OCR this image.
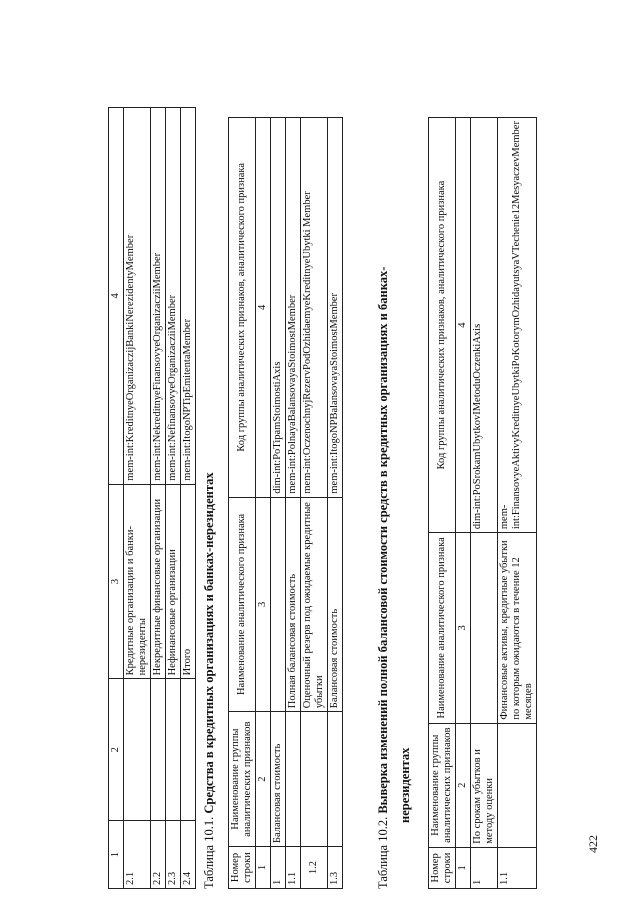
1	2	3	4
2.1		Кредитные организации и банки-нерезиденты	mem-int:KreditnyeOrganizaczijBankiNerezidentyMember
2.2		Некредитные финансовые организации	mem-int:NekreditnyeFinansovyeOrganizacziiMember
2.3		Нефинансовые организации	mem-int:NefinansovyeOrganizacziiMember
2.4		Итого	mem-int:ItogoNPTipEmitentaMember
Таблица 10.1. Средства в кредитных организациях и банках-нерезидентах
Номер строки	Наименование группы аналитических признаков	Наименование аналитического признака	Код группы аналитических признаков, аналитического признака
1	2	3	4
1	Балансовая стоимость		dim-int:PoTipamStoimostiAxis
1.1		Полная балансовая стоимость	mem-int:PolnayaBalansovayaStoimostMember
1.2		Оценочный резерв под ожидаемые кредитные убытки	mem-int:OczenochnyjRezervPodOzhidaemyeKreditnyeUbytki Member
1.3		Балансовая стоимость	mem-int:ItogoNPBalansovayaStoimostMember
Таблица 10.2. Выверка изменений полной балансовой стоимости средств в кредитных организациях и банках- нерезидентах
Номер строки	Наименование группы аналитических признаков	Наименование аналитического признака	Код группы аналитических признаков, аналитического признака
1	2	3	4
1	По срокам убытков и методу оценки		dim-int:PoSrokamUbytkovIMetoduOczenkiAxis
1.1		Финансовые активы, кредитные убытки по которым ожидаются в течение 12 месяцев	mem-int:FinansovyeAktivyKreditnyeUbytkiPoKotorymOzhidayutsyaVTechenie12MesyaczevMember
422
